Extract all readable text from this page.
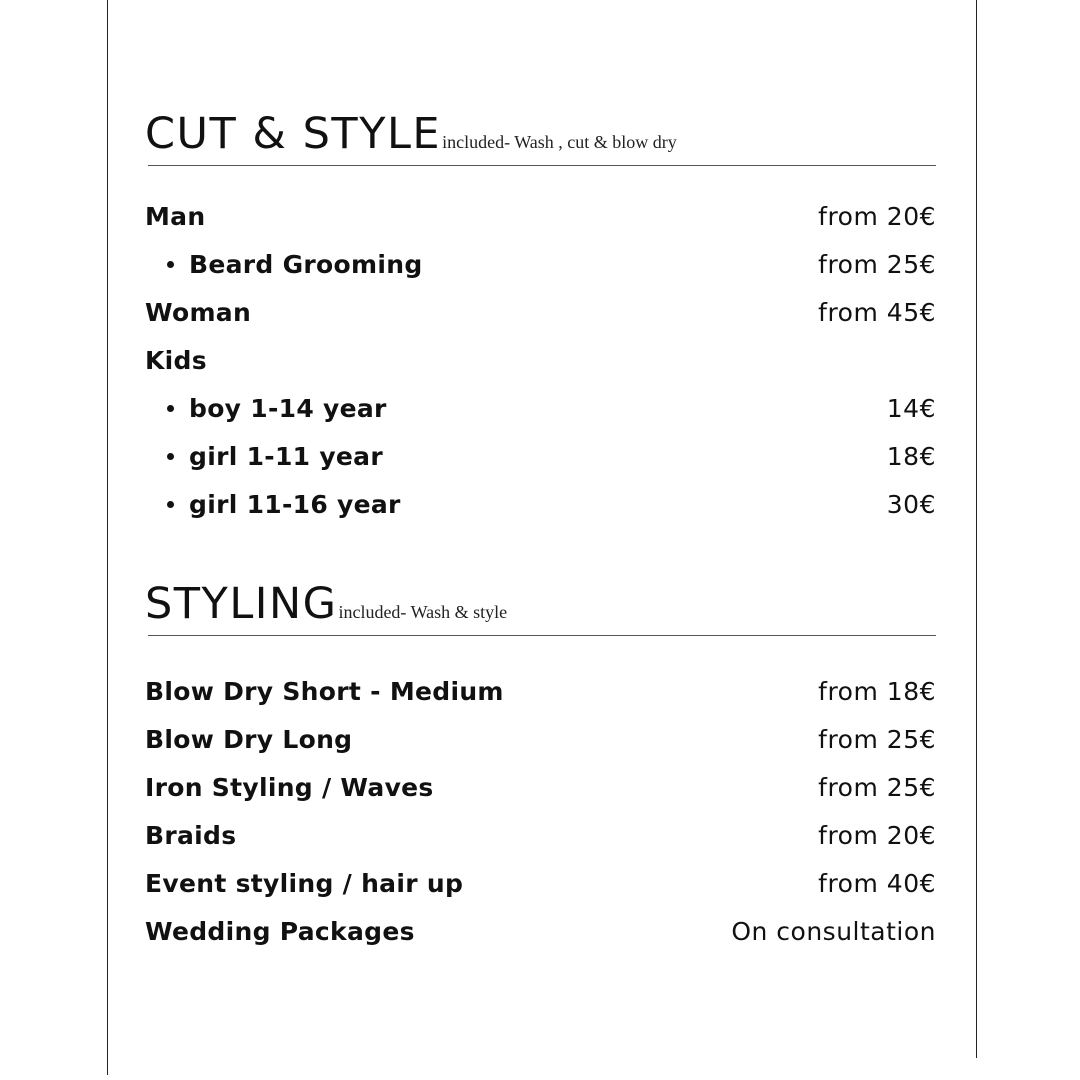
CUT & STYLEincluded- Wash , cut & blow dry
Man	from 20€
Beard Grooming	from 25€
Woman	from 45€
Kids
boy 1-14 year	14€
girl 1-11 year	18€
girl 11-16 year	30€
STYLINGincluded- Wash & style
Blow Dry Short - Medium	from 18€
Blow Dry Long	from 25€
Iron Styling / Waves	from 25€
Braids	from 20€
Event styling / hair up	from 40€
Wedding Packages	On consultation
